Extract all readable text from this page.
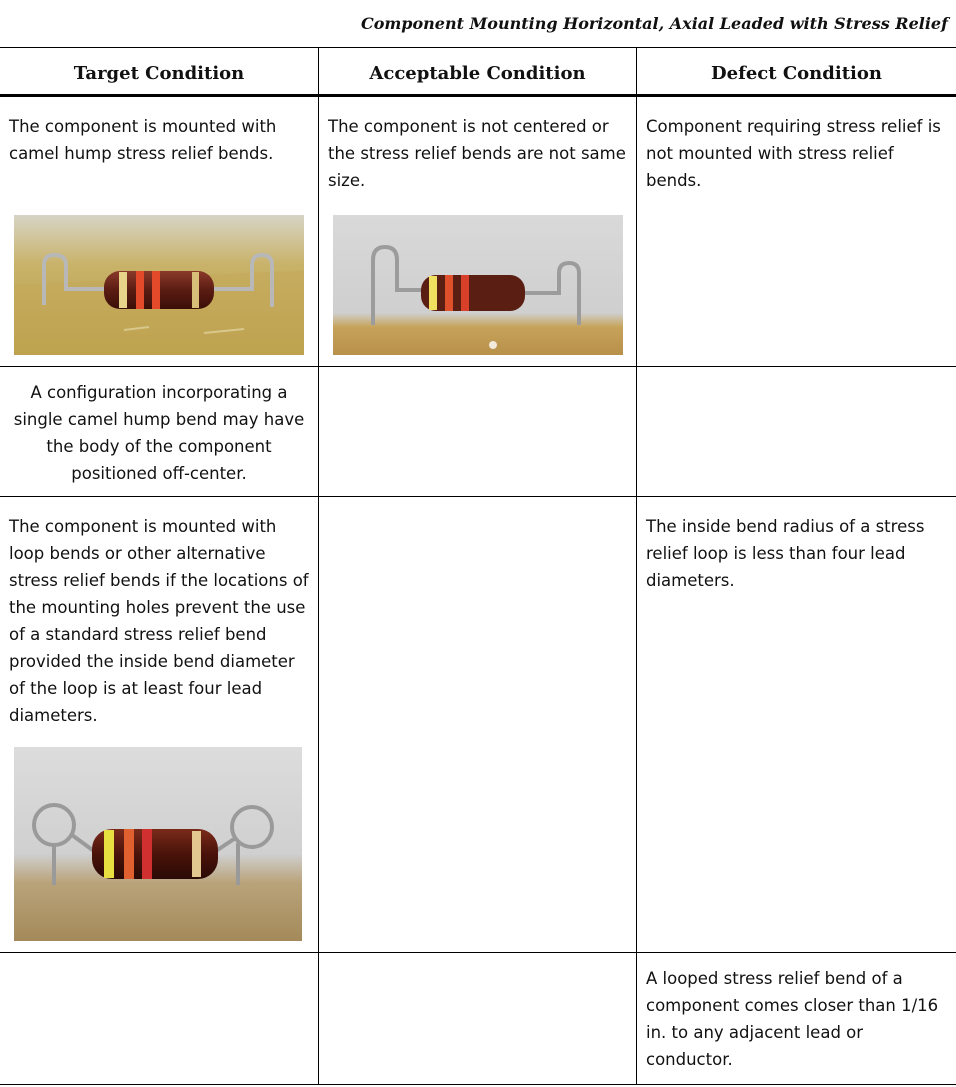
Component Mounting Horizontal, Axial Leaded with Stress Relief
Target Condition	Acceptable Condition	Defect Condition
The component is mounted with camel hump stress relief bends.
The component is not centered or the stress relief bends are not same size.
Component requiring stress relief is not mounted with stress relief bends.
A configuration incorporating a single camel hump bend may have the body of the component positioned off-center.
The component is mounted with loop bends or other alternative stress relief bends if the locations of the mounting holes prevent the use of a standard stress relief bend provided the inside bend diameter of the loop is at least four lead diameters.
The inside bend radius of a stress relief loop is less than four lead diameters.
A looped stress relief bend of a component comes closer than 1/16 in. to any adjacent lead or conductor.
